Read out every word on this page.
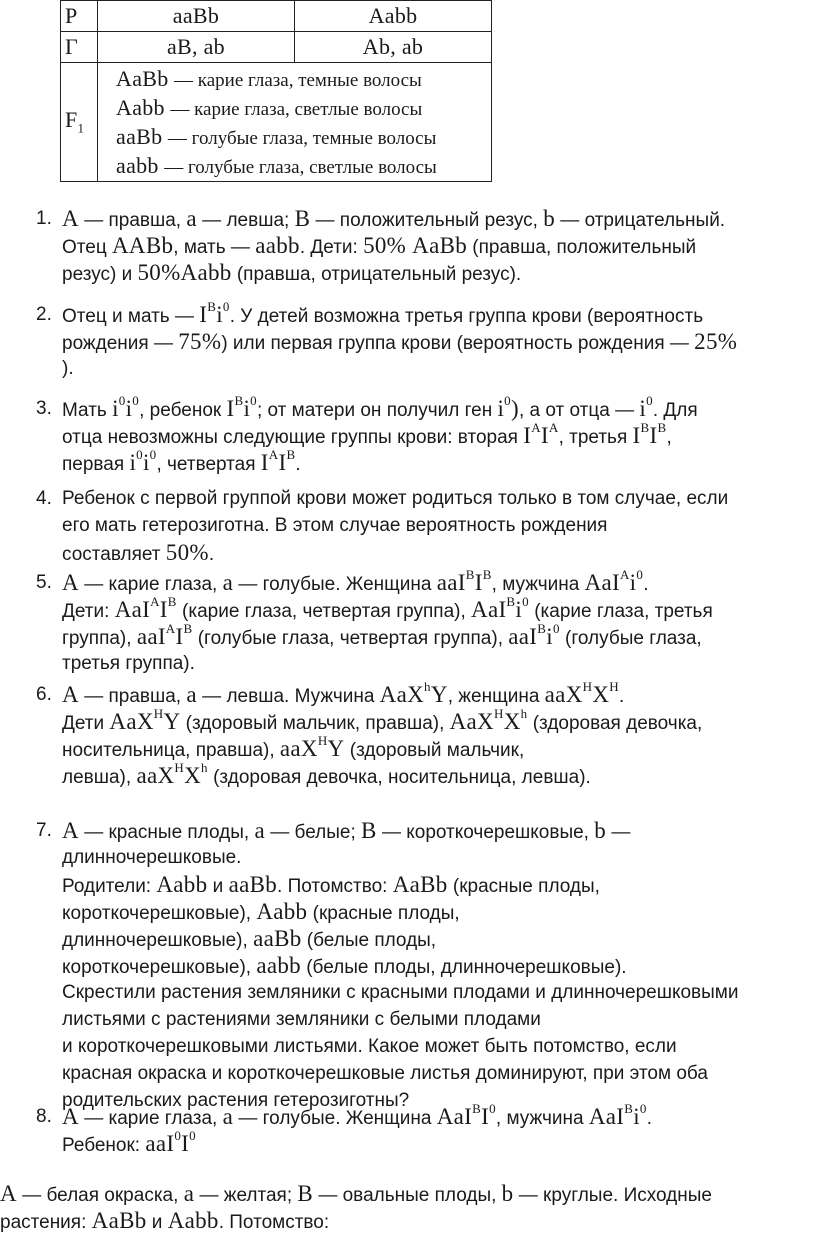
P	aaBb	Aabb
Г	aB, ab	Ab, ab
$F_1$	AaBb — карие глаза, темные волосы
Aabb — карие глаза, светлые волосы
aaBb — голубые глаза, темные волосы
aabb — голубые глаза, светлые волосы	
1. A — правша, a — левша; B — положительный резус, b — отрицательный.
Отец AABb, мать — aabb. Дети: 50% AaBb (правша, положительный
резус) и 50%Aabb (правша, отрицательный резус).
2. Отец и мать — $I^Bi^0$. У детей возможна третья группа крови (вероятность
рождения — 75%) или первая группа крови (вероятность рождения — 25%
).
3. Мать $i^0i^0$, ребенок $I^Bi^0$; от матери он получил ген $i^0$), а от отца — $i^0$. Для
отца невозможны следующие группы крови: вторая $I^AI^A$, третья $I^BI^B$,
первая $i^0i^0$, четвертая $I^AI^B$.
4. Ребенок с первой группой крови может родиться только в том случае, если
его мать гетерозиготна. В этом случае вероятность рождения
составляет 50%.
5. A — карие глаза, a — голубые. Женщина $aaI^BI^B$, мужчина $AaI^Ai^0$.
Дети: $AaI^AI^B$ (карие глаза, четвертая группа), $AaI^Bi^0$ (карие глаза, третья
группа), $aaI^AI^B$ (голубые глаза, четвертая группа), $aaI^Bi^0$ (голубые глаза,
третья группа).
6. A — правша, a — левша. Мужчина AaX$^h$Y, женщина $aaX^HX^H$.
Дети AaX$^H$Y (здоровый мальчик, правша), $AaX^HX^h$ (здоровая девочка,
носительница, правша), aaX$^H$Y (здоровый мальчик,
левша), $aaX^HX^h$ (здоровая девочка, носительница, левша).
7. A — красные плоды, a — белые; B — короткочерешковые, b —
длинночерешковые.
Родители: Aabb и aaBb. Потомство: AaBb (красные плоды,
короткочерешковые), Aabb (красные плоды,
длинночерешковые), aaBb (белые плоды,
короткочерешковые), aabb (белые плоды, длинночерешковые).
Скрестили растения земляники с красными плодами и длинночерешковыми
листьями с растениями земляники с белыми плодами
и короткочерешковыми листьями. Какое может быть потомство, если
красная окраска и короткочерешковые листья доминируют, при этом оба
родительских растения гетерозиготны?
8. A — карие глаза, a — голубые. Женщина $AaI^BI^0$, мужчина $AaI^Bi^0$.
Ребенок: $aaI^0I^0$
A — белая окраска, a — желтая; B — овальные плоды, b — круглые. Исходные
растения: AaBb и Aabb. Потомство:
